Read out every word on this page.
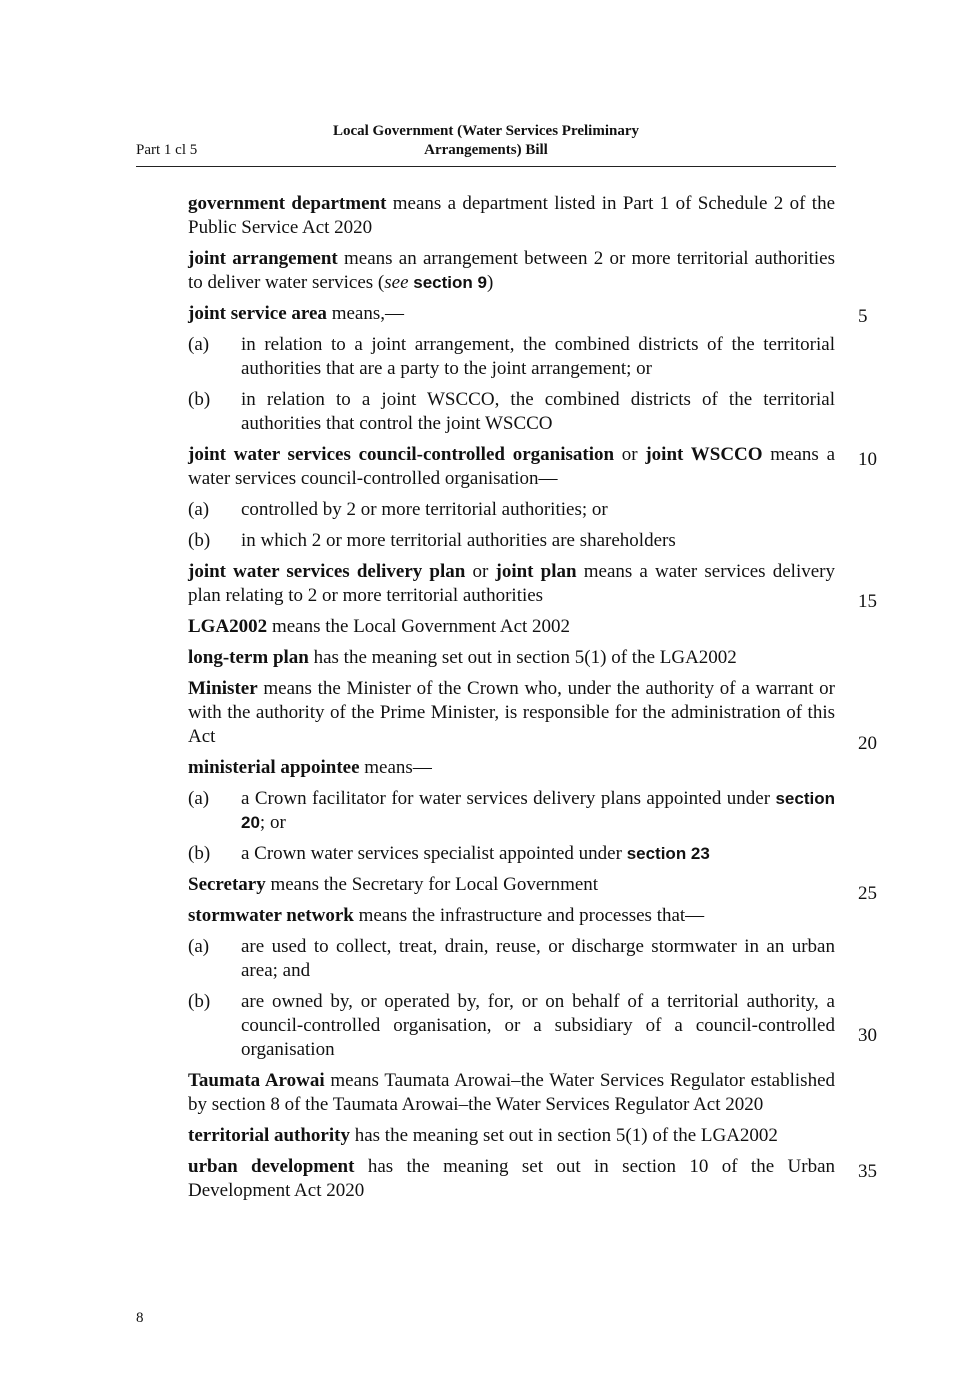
Part 1 cl 5
Local Government (Water Services Preliminary
Arrangements) Bill
government department means a department listed in Part 1 of Schedule 2 of the Public Service Act 2020
joint arrangement means an arrangement between 2 or more territorial authorities to deliver water services (see section 9)
joint service area means,—
(a) in relation to a joint arrangement, the combined districts of the territorial authorities that are a party to the joint arrangement; or
(b) in relation to a joint WSCCO, the combined districts of the territorial authorities that control the joint WSCCO
joint water services council-controlled organisation or joint WSCCO means a water services council-controlled organisation—
(a) controlled by 2 or more territorial authorities; or
(b) in which 2 or more territorial authorities are shareholders
joint water services delivery plan or joint plan means a water services delivery plan relating to 2 or more territorial authorities
LGA2002 means the Local Government Act 2002
long-term plan has the meaning set out in section 5(1) of the LGA2002
Minister means the Minister of the Crown who, under the authority of a warrant or with the authority of the Prime Minister, is responsible for the administration of this Act
ministerial appointee means—
(a) a Crown facilitator for water services delivery plans appointed under section 20; or
(b) a Crown water services specialist appointed under section 23
Secretary means the Secretary for Local Government
stormwater network means the infrastructure and processes that—
(a) are used to collect, treat, drain, reuse, or discharge stormwater in an urban area; and
(b) are owned by, or operated by, for, or on behalf of a territorial authority, a council-controlled organisation, or a subsidiary of a council-controlled organisation
Taumata Arowai means Taumata Arowai–the Water Services Regulator established by section 8 of the Taumata Arowai–the Water Services Regulator Act 2020
territorial authority has the meaning set out in section 5(1) of the LGA2002
urban development has the meaning set out in section 10 of the Urban Development Act 2020
5
10
15
20
25
30
35
8
